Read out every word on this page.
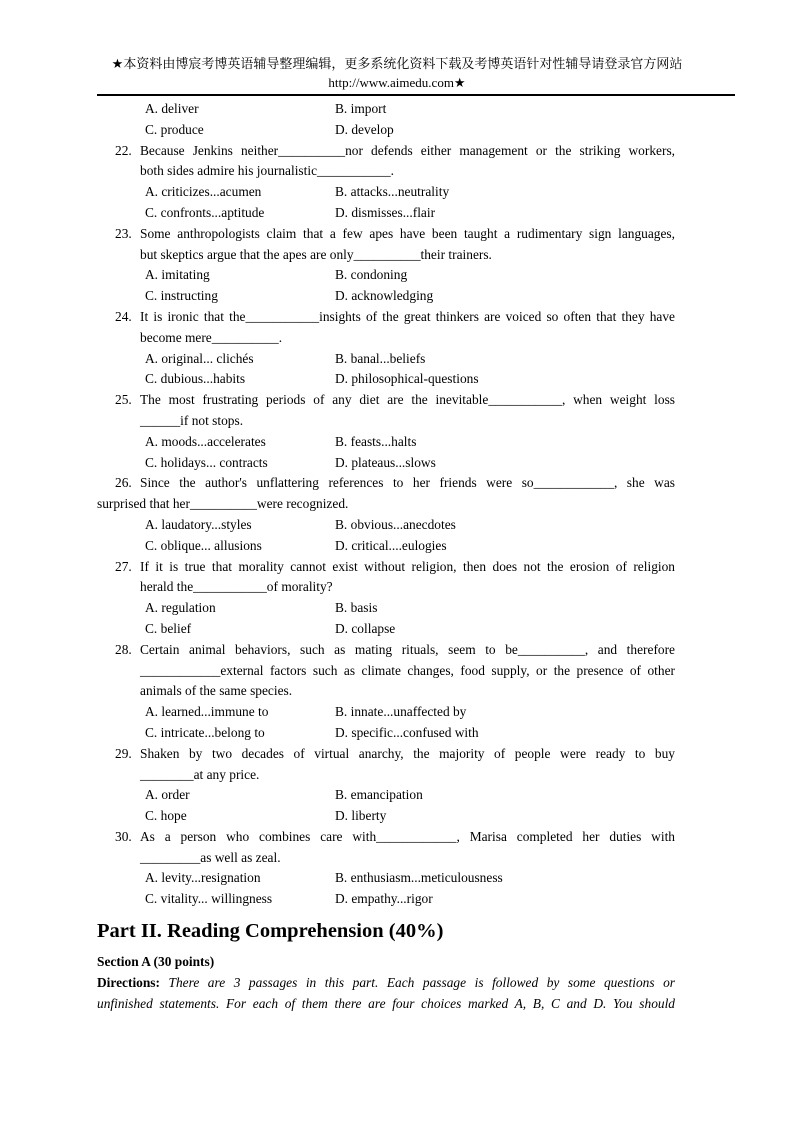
★本资料由博宸考博英语辅导整理编辑，更多系统化资料下载及考博英语针对性辅导请登录官方网站
http://www.aimedu.com★
A. deliver	B. import
C. produce	D. develop
22. Because Jenkins neither__________nor defends either management or the striking workers,
both sides admire his journalistic___________.
A. criticizes...acumen	B. attacks...neutrality
C. confronts...aptitude	D. dismisses...flair
23. Some anthropologists claim that a few apes have been taught a rudimentary sign languages,
but skeptics argue that the apes are only__________their trainers.
A. imitating	B. condoning
C. instructing	D. acknowledging
24. It is ironic that the___________insights of the great thinkers are voiced so often that they have
become mere__________.
A. original... clichés	B. banal...beliefs
C. dubious...habits	D. philosophical-questions
25. The most frustrating periods of any diet are the inevitable___________, when weight loss
______if not stops.
A. moods...accelerates	B. feasts...halts
C. holidays... contracts	D. plateaus...slows
26. Since the author's unflattering references to her friends were so____________, she was
surprised that her__________were recognized.
A. laudatory...styles	B. obvious...anecdotes
C. oblique... allusions	D. critical....eulogies
27. If it is true that morality cannot exist without religion, then does not the erosion of religion
herald the___________of morality?
A. regulation	B. basis
C. belief	D. collapse
28. Certain animal behaviors, such as mating rituals, seem to be__________, and therefore
____________external factors such as climate changes, food supply, or the presence of other
animals of the same species.
A. learned...immune to	B. innate...unaffected by
C. intricate...belong to	D. specific...confused with
29. Shaken by two decades of virtual anarchy, the majority of people were ready to buy
________at any price.
A. order	B. emancipation
C. hope	D. liberty
30. As a person who combines care with____________, Marisa completed her duties with
_________as well as zeal.
A. levity...resignation	B. enthusiasm...meticulousness
C. vitality... willingness	D. empathy...rigor
Part II. Reading Comprehension (40%)
Section A (30 points)
Directions: There are 3 passages in this part. Each passage is followed by some questions or
unfinished statements. For each of them there are four choices marked A, B, C and D. You should
